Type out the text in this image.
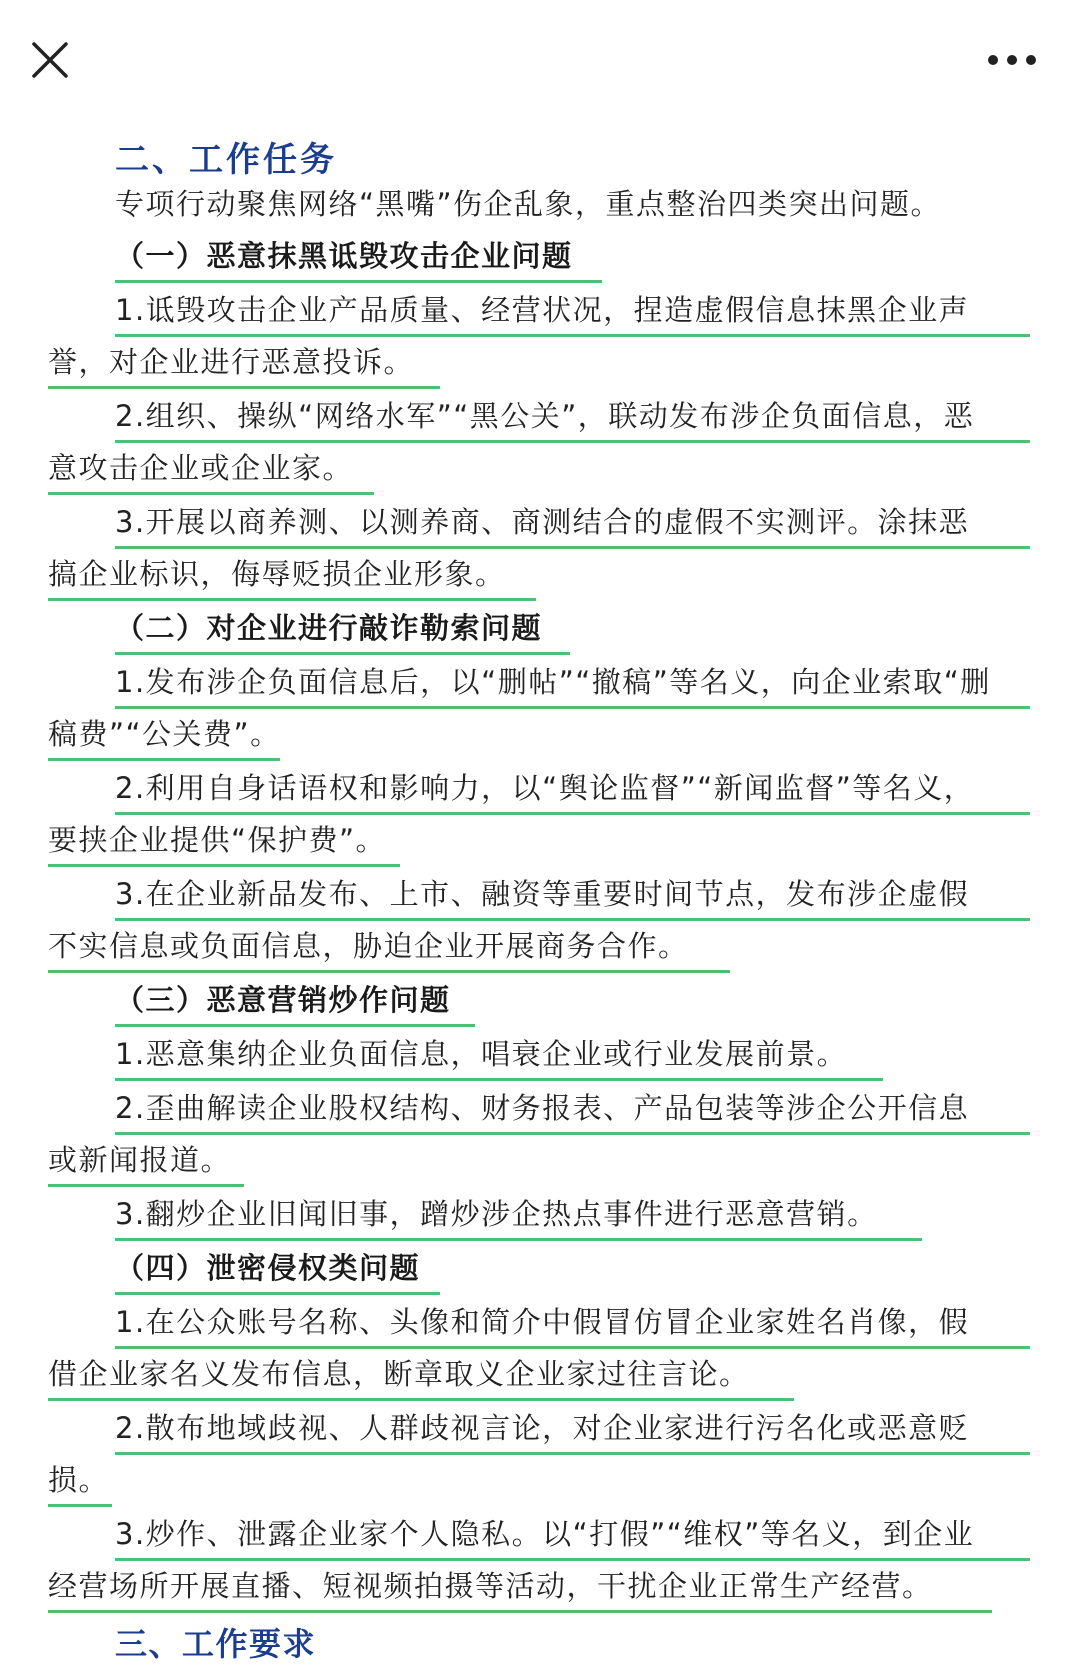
二、工作任务
专项行动聚焦网络“黑嘴”伤企乱象，重点整治四类突出问题。
（一）恶意抹黑诋毁攻击企业问题
1.诋毁攻击企业产品质量、经营状况，捏造虚假信息抹黑企业声
誉，对企业进行恶意投诉。
2.组织、操纵“网络水军”“黑公关”，联动发布涉企负面信息，恶
意攻击企业或企业家。
3.开展以商养测、以测养商、商测结合的虚假不实测评。涂抹恶
搞企业标识，侮辱贬损企业形象。
（二）对企业进行敲诈勒索问题
1.发布涉企负面信息后，以“删帖”“撤稿”等名义，向企业索取“删
稿费”“公关费”。
2.利用自身话语权和影响力，以“舆论监督”“新闻监督”等名义，
要挟企业提供“保护费”。
3.在企业新品发布、上市、融资等重要时间节点，发布涉企虚假
不实信息或负面信息，胁迫企业开展商务合作。
（三）恶意营销炒作问题
1.恶意集纳企业负面信息，唱衰企业或行业发展前景。
2.歪曲解读企业股权结构、财务报表、产品包装等涉企公开信息
或新闻报道。
3.翻炒企业旧闻旧事，蹭炒涉企热点事件进行恶意营销。
（四）泄密侵权类问题
1.在公众账号名称、头像和简介中假冒仿冒企业家姓名肖像，假
借企业家名义发布信息，断章取义企业家过往言论。
2.散布地域歧视、人群歧视言论，对企业家进行污名化或恶意贬
损。
3.炒作、泄露企业家个人隐私。以“打假”“维权”等名义，到企业
经营场所开展直播、短视频拍摄等活动，干扰企业正常生产经营。
三、工作要求
